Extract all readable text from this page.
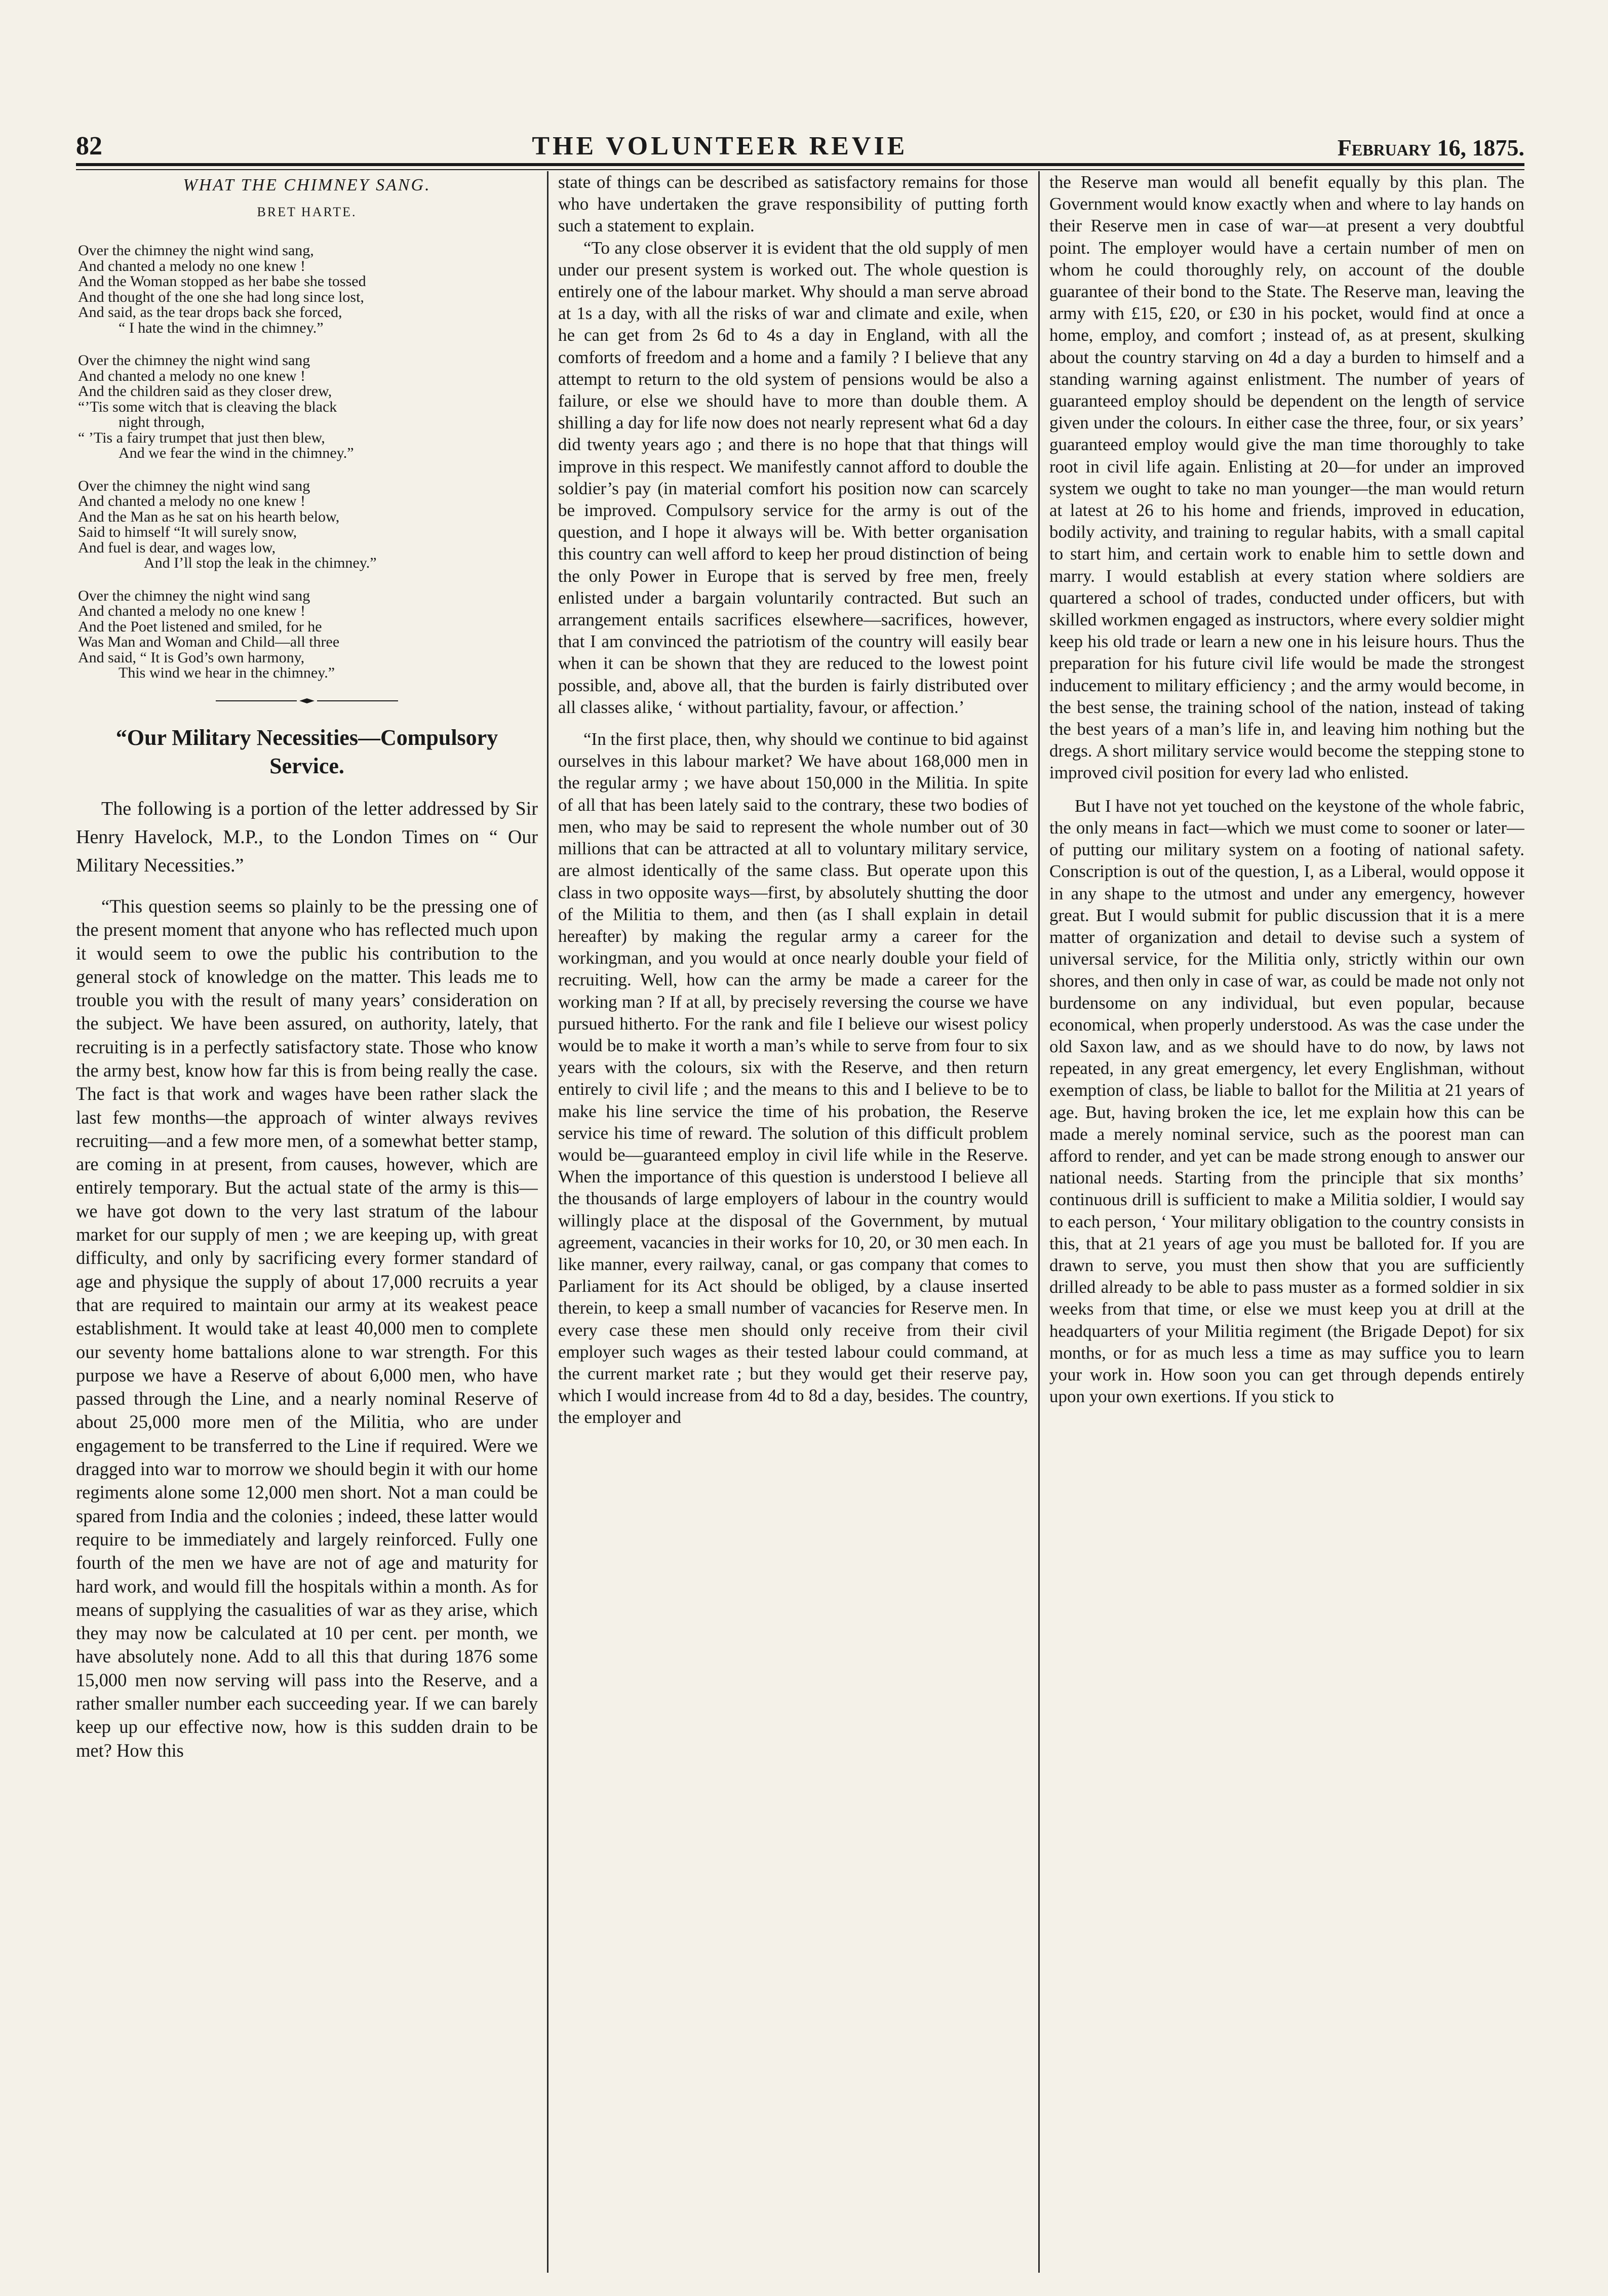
82	THE VOLUNTEER REVIE	February 16, 1875.
WHAT THE CHIMNEY SANG.
BRET HARTE.
Over the chimney the night wind sang,
And chanted a melody no one knew !
And the Woman stopped as her babe she tossed
And thought of the one she had long since lost,
And said, as the tear drops back she forced,
“ I hate the wind in the chimney.”
Over the chimney the night wind sang
And chanted a melody no one knew !
And the children said as they closer drew,
“’Tis some witch that is cleaving the black
night through,
“ ’Tis a fairy trumpet that just then blew,
And we fear the wind in the chimney.”
Over the chimney the night wind sang
And chanted a melody no one knew !
And the Man as he sat on his hearth below,
Said to himself “It will surely snow,
And fuel is dear, and wages low,
And I’ll stop the leak in the chimney.”
Over the chimney the night wind sang
And chanted a melody no one knew !
And the Poet listened and smiled, for he
Was Man and Woman and Child—all three
And said, “ It is God’s own harmony,
This wind we hear in the chimney.”
“Our Military Necessities—Compulsory Service.

The following is a portion of the letter addressed by Sir Henry Havelock, M.P., to the London Times on “ Our Military Necessities.”

“This question seems so plainly to be the pressing one of the present moment that anyone who has reflected much upon it would seem to owe the public his contribution to the general stock of knowledge on the matter. This leads me to trouble you with the result of many years’ consideration on the subject. We have been assured, on authority, lately, that recruiting is in a perfectly satisfactory state. Those who know the army best, know how far this is from being really the case. The fact is that work and wages have been rather slack the last few months—the approach of winter always revives recruiting—and a few more men, of a somewhat better stamp, are coming in at present, from causes, however, which are entirely temporary. But the actual state of the army is this—we have got down to the very last stratum of the labour market for our supply of men ; we are keeping up, with great difficulty, and only by sacrificing every former standard of age and physique the supply of about 17,000 recruits a year that are required to maintain our army at its weakest peace establishment. It would take at least 40,000 men to complete our seventy home battalions alone to war strength. For this purpose we have a Reserve of about 6,000 men, who have passed through the Line, and a nearly nominal Reserve of about 25,000 more men of the Militia, who are under engagement to be transferred to the Line if required. Were we dragged into war to morrow we should begin it with our home regiments alone some 12,000 men short. Not a man could be spared from India and the colonies ; indeed, these latter would require to be immediately and largely reinforced. Fully one fourth of the men we have are not of age and maturity for hard work, and would fill the hospitals within a month. As for means of supplying the casualities of war as they arise, which they may now be calculated at 10 per cent. per month, we have absolutely none. Add to all this that during 1876 some 15,000 men now serving will pass into the Reserve, and a rather smaller number each succeeding year. If we can barely keep up our effective now, how is this sudden drain to be met? How this

state of things can be described as satisfactory remains for those who have undertaken the grave responsibility of putting forth such a statement to explain.

“To any close observer it is evident that the old supply of men under our present system is worked out. The whole question is entirely one of the labour market. Why should a man serve abroad at 1s a day, with all the risks of war and climate and exile, when he can get from 2s 6d to 4s a day in England, with all the comforts of freedom and a home and a family ? I believe that any attempt to return to the old system of pensions would be also a failure, or else we should have to more than double them. A shilling a day for life now does not nearly represent what 6d a day did twenty years ago ; and there is no hope that that things will improve in this respect. We manifestly cannot afford to double the soldier’s pay (in material comfort his position now can scarcely be improved. Compulsory service for the army is out of the question, and I hope it always will be. With better organisation this country can well afford to keep her proud distinction of being the only Power in Europe that is served by free men, freely enlisted under a bargain voluntarily contracted. But such an arrangement entails sacrifices elsewhere—sacrifices, however, that I am convinced the patriotism of the country will easily bear when it can be shown that they are reduced to the lowest point possible, and, above all, that the burden is fairly distributed over all classes alike, ‘ without partiality, favour, or affection.’

“In the first place, then, why should we continue to bid against ourselves in this labour market? We have about 168,000 men in the regular army ; we have about 150,000 in the Militia. In spite of all that has been lately said to the contrary, these two bodies of men, who may be said to represent the whole number out of 30 millions that can be attracted at all to voluntary military service, are almost identically of the same class. But operate upon this class in two opposite ways—first, by absolutely shutting the door of the Militia to them, and then (as I shall explain in detail hereafter) by making the regular army a career for the workingman, and you would at once nearly double your field of recruiting. Well, how can the army be made a career for the working man ? If at all, by precisely reversing the course we have pursued hitherto. For the rank and file I believe our wisest policy would be to make it worth a man’s while to serve from four to six years with the colours, six with the Reserve, and then return entirely to civil life ; and the means to this and I believe to be to make his line service the time of his probation, the Reserve service his time of reward. The solution of this difficult problem would be—guaranteed employ in civil life while in the Reserve. When the importance of this question is understood I believe all the thousands of large employers of labour in the country would willingly place at the disposal of the Government, by mutual agreement, vacancies in their works for 10, 20, or 30 men each. In like manner, every railway, canal, or gas company that comes to Parliament for its Act should be obliged, by a clause inserted therein, to keep a small number of vacancies for Reserve men. In every case these men should only receive from their civil employer such wages as their tested labour could command, at the current market rate ; but they would get their reserve pay, which I would increase from 4d to 8d a day, besides. The country, the employer and

the Reserve man would all benefit equally by this plan. The Government would know exactly when and where to lay hands on their Reserve men in case of war—at present a very doubtful point. The employer would have a certain number of men on whom he could thoroughly rely, on account of the double guarantee of their bond to the State. The Reserve man, leaving the army with £15, £20, or £30 in his pocket, would find at once a home, employ, and comfort ; instead of, as at present, skulking about the country starving on 4d a day a burden to himself and a standing warning against enlistment. The number of years of guaranteed employ should be dependent on the length of service given under the colours. In either case the three, four, or six years’ guaranteed employ would give the man time thoroughly to take root in civil life again. Enlisting at 20—for under an improved system we ought to take no man younger—the man would return at latest at 26 to his home and friends, improved in education, bodily activity, and training to regular habits, with a small capital to start him, and certain work to enable him to settle down and marry. I would establish at every station where soldiers are quartered a school of trades, conducted under officers, but with skilled workmen engaged as instructors, where every soldier might keep his old trade or learn a new one in his leisure hours. Thus the preparation for his future civil life would be made the strongest inducement to military efficiency ; and the army would become, in the best sense, the training school of the nation, instead of taking the best years of a man’s life in, and leaving him nothing but the dregs. A short military service would become the stepping stone to improved civil position for every lad who enlisted.

But I have not yet touched on the keystone of the whole fabric, the only means in fact—which we must come to sooner or later—of putting our military system on a footing of national safety. Conscription is out of the question, I, as a Liberal, would oppose it in any shape to the utmost and under any emergency, however great. But I would submit for public discussion that it is a mere matter of organization and detail to devise such a system of universal service, for the Militia only, strictly within our own shores, and then only in case of war, as could be made not only not burdensome on any individual, but even popular, because economical, when properly understood. As was the case under the old Saxon law, and as we should have to do now, by laws not repeated, in any great emergency, let every Englishman, without exemption of class, be liable to ballot for the Militia at 21 years of age. But, having broken the ice, let me explain how this can be made a merely nominal service, such as the poorest man can afford to render, and yet can be made strong enough to answer our national needs. Starting from the principle that six months’ continuous drill is sufficient to make a Militia soldier, I would say to each person, ‘ Your military obligation to the country consists in this, that at 21 years of age you must be balloted for. If you are drawn to serve, you must then show that you are sufficiently drilled already to be able to pass muster as a formed soldier in six weeks from that time, or else we must keep you at drill at the headquarters of your Militia regiment (the Brigade Depot) for six months, or for as much less a time as may suffice you to learn your work in. How soon you can get through depends entirely upon your own exertions. If you stick to
